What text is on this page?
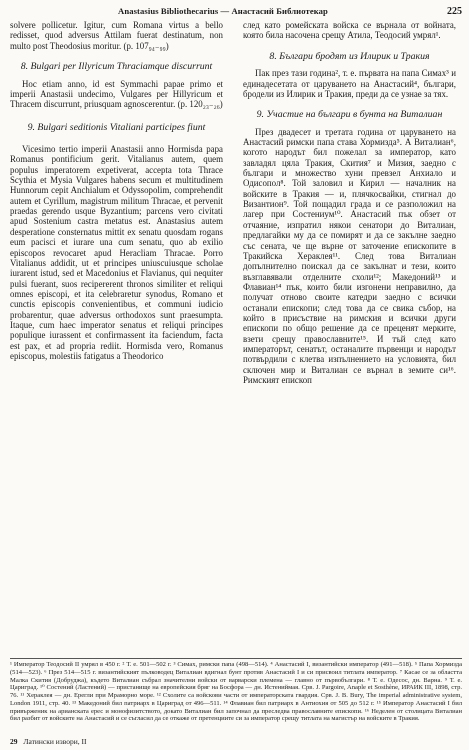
Anastasius Bibliothecarius — Анастасий Библиотекар	225

solvere pollicetur. Igitur, cum Romana virtus a bello redisset, quod adversus Attilam fuerat destinatum, non multo post Theodosius moritur. (p. 107₉₄₋₉₉)

8. Bulgari per Illyricum Thraciamque discurrunt

Hoc etiam anno, id est Symmachi papae primo et imperii Anastasii undecimo, Vulgares per Hillyricum et Thracem discurrunt, priusquam agnoscerentur. (p. 120₂₃₋₂₆)

9. Bulgari seditionis Vitaliani participes fiunt

Vicesimo tertio imperii Anastasii anno Hormisda papa Romanus pontificium gerit. Vitalianus autem, quem populus imperatorem expetiverat, accepta tota Thrace Scythia et Mysia Vulgares habens secum et multitudinem Hunnorum cepit Anchialum et Odyssopolim, comprehendit autem et Cyrillum, magistrum militum Thracae, et pervenit praedas gerendo usque Byzantium; parcens vero civitati apud Sostenium castra metatus est. Anastasius autem desperatione consternatus mittit ex senatu quosdam rogans eum pacisci et iurare una cum senatu, quo ab exilio episcopos revocaret apud Heracliam Thracae. Porro Vitalianus addidit, ut et principes uniuscuiusque scholae iurarent istud, sed et Macedonius et Flavianus, qui nequiter pulsi fuerant, suos recipererent thronos similiter et reliqui omnes episcopi, et ita celebraretur synodus, Romano et cunctis episcopis convenientibus, et communi iudicio probarentur, quae adversus orthodoxos sunt praesumpta. Itaque, cum haec imperator senatus et reliqui principes populique iurassent et confirmassent ita faciendum, facta est pax, et ad propria rediit. Hormisda vero, Romanus episcopus, molestiis fatigatus a Theodorico

след като ромейската войска се върнала от войната, която била насочена срещу Атила, Теодосий умрял¹.

8. Българи бродят из Илирик и Тракия

Пак през тази година², т. е. първата на папа Симах³ и единадесетата от царуването на Анастасий⁴, българи, бродели из Илирик и Тракия, преди да се узнае за тях.

9. Участие на българи в бунта на Виталиан

През двадесет и третата година от царуването на Анастасий римски папа става Хормизда⁵. А Виталиан⁶, когото народът бил пожелал за император, като завладял цяла Тракия, Скития⁷ и Мизия, заедно с българи и множество хуни превзел Анхиало и Одисопол⁸. Той заловил и Кирил — началник на войските в Тракия — и, плячкосвайки, стигнал до Византион⁹. Той пощадил града и се разположил на лагер при Состениум¹⁰. Анастасий пък обзет от отчаяние, изпратил някои сенатори до Виталиан, предлагайки му да се помирят и да се закълне заедно със сената, че ще върне от заточение епископите в Тракийска Хераклея¹¹. След това Виталиан допълнително поискал да се закълнат и тези, които възглавявали отделните схоли¹²; Македоний¹³ и Флавиан¹⁴ пък, които били изгонени неправилно, да получат отново своите катедри заедно с всички останали епископи; след това да се свика събор, на който в присъствие на римския и всички други епископи по общо решение да се преценят мерките, взети срещу православните¹⁵. И тъй след като императорът, сенатът, останалите първенци и народът потвърдили с клетва изпълнението на условията, бил сключен мир и Виталиан се върнал в земите си¹⁶. Римският епископ

¹ Император Теодосий II умрял в 450 г. ² Т. е. 501—502 г. ³ Симах, римски папа (498—514). ⁴ Анастасий I, византийски император (491—518). ⁵ Папа Хормизда (514—523). ⁶ През 514—515 г. византийският пълководец Виталиан вдигнал бунт против Анастасий I и си присвоил титлата император. ⁷ Касае се за областта Малка Скития (Добруджа), където Виталиан събрал значителни войски от варварски племена — главно от първобългари. ⁸ Т. е. Одесос, дн. Варна. ⁹ Т. е. Цариград. ¹⁰ Состений (Ластений) — пристанище на европейския бряг на Босфора — дн. Истениймая. Срв. J. Pargoire, Anaple et Sosthène, ИРАИК III, 1898, стр. 76. ¹¹ Хераклея — дн. Ерегли при Мраморно море. ¹² Схолите са войскови части от императорската гвардия. Срв. J. B. Bury, The imperial administrative system, London 1911, стр. 40. ¹³ Македоний бил патриарх в Цариград от 496—511. ¹⁴ Флавиан бил патриарх в Антиохия от 505 до 512 г. ¹⁵ Император Анастасий I бил привърженик на арианската ерес и монофизитството, докато Виталиан бил започнал да преследва православните епископи. ¹⁶ Неделен от столицата Виталиан бил разбит от войските на Анастасий и се съгласил да се откаже от претенциите си за император срещу титлата на магистър на войските в Тракия.
29 Латински извори, II
